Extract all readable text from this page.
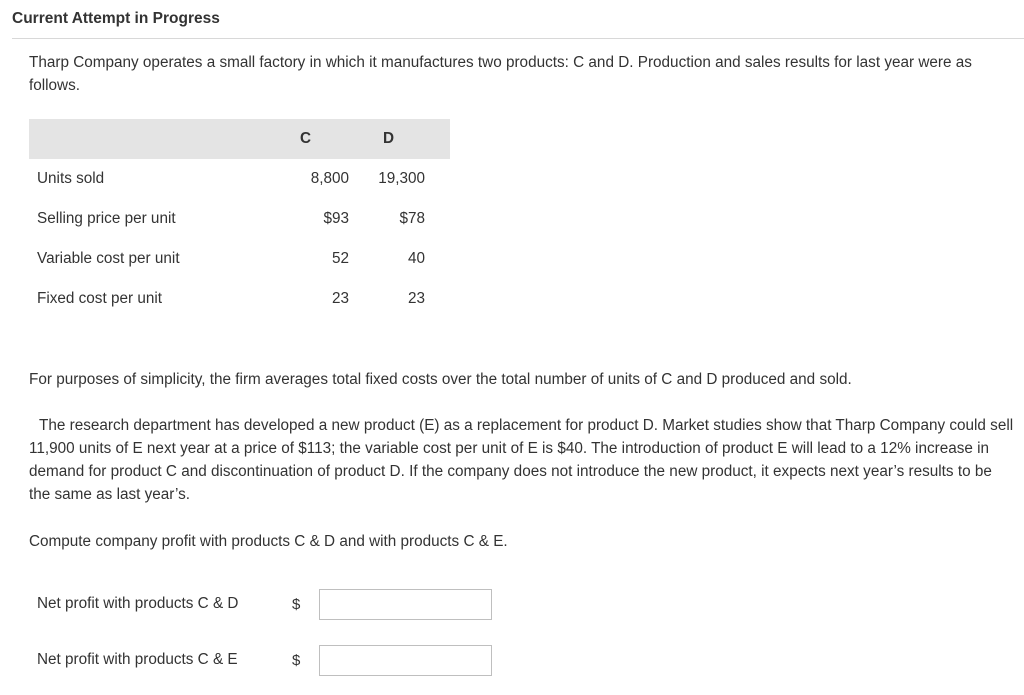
Current Attempt in Progress
Tharp Company operates a small factory in which it manufactures two products: C and D. Production and sales results for last year were as follows.
	C	D
Units sold	8,800	19,300
Selling price per unit	$93	$78
Variable cost per unit	52	40
Fixed cost per unit	23	23
For purposes of simplicity, the firm averages total fixed costs over the total number of units of C and D produced and sold.
The research department has developed a new product (E) as a replacement for product D. Market studies show that Tharp Company could sell 11,900 units of E next year at a price of $113; the variable cost per unit of E is $40. The introduction of product E will lead to a 12% increase in demand for product C and discontinuation of product D. If the company does not introduce the new product, it expects next year’s results to be the same as last year’s.
Compute company profit with products C & D and with products C & E.
Net profit with products C & D	$
Net profit with products C & E	$
